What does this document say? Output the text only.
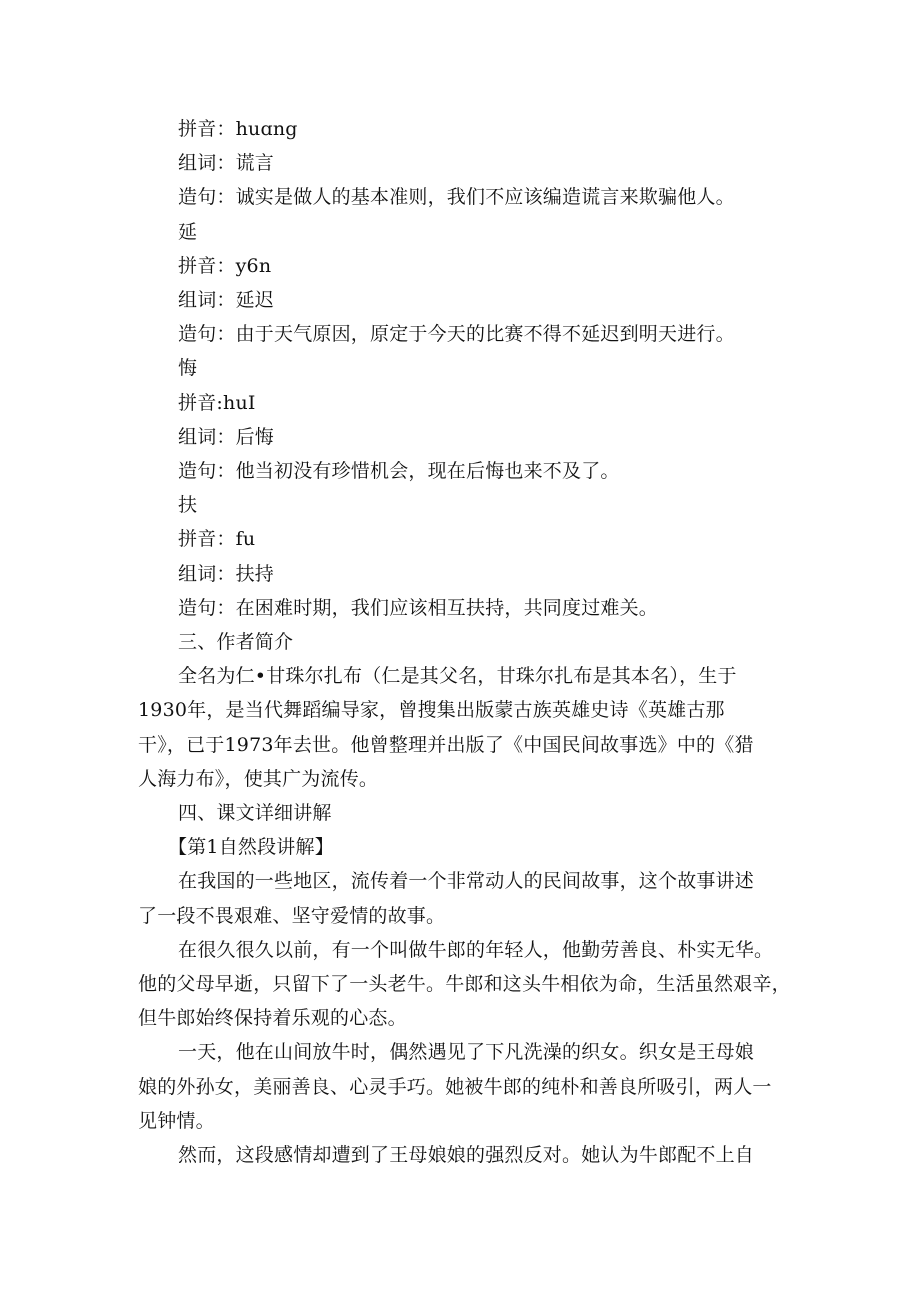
拼音：huɑng
组词：谎言
造句：诚实是做人的基本准则，我们不应该编造谎言来欺骗他人。
延
拼音：y6n
组词：延迟
造句：由于天气原因，原定于今天的比赛不得不延迟到明天进行。
悔
拼音:huI
组词：后悔
造句：他当初没有珍惜机会，现在后悔也来不及了。
扶
拼音：fu
组词：扶持
造句：在困难时期，我们应该相互扶持，共同度过难关。
三、作者简介
全名为仁•甘珠尔扎布（仁是其父名，甘珠尔扎布是其本名），生于
1930年，是当代舞蹈编导家，曾搜集出版蒙古族英雄史诗《英雄古那
干》，已于1973年去世。他曾整理并出版了《中国民间故事选》中的《猎
人海力布》，使其广为流传。
四、课文详细讲解
【第1自然段讲解】
在我国的一些地区，流传着一个非常动人的民间故事，这个故事讲述
了一段不畏艰难、坚守爱情的故事。
在很久很久以前，有一个叫做牛郎的年轻人，他勤劳善良、朴实无华。
他的父母早逝，只留下了一头老牛。牛郎和这头牛相依为命，生活虽然艰辛，
但牛郎始终保持着乐观的心态。
一天，他在山间放牛时，偶然遇见了下凡洗澡的织女。织女是王母娘
娘的外孙女，美丽善良、心灵手巧。她被牛郎的纯朴和善良所吸引，两人一
见钟情。
然而，这段感情却遭到了王母娘娘的强烈反对。她认为牛郎配不上自
